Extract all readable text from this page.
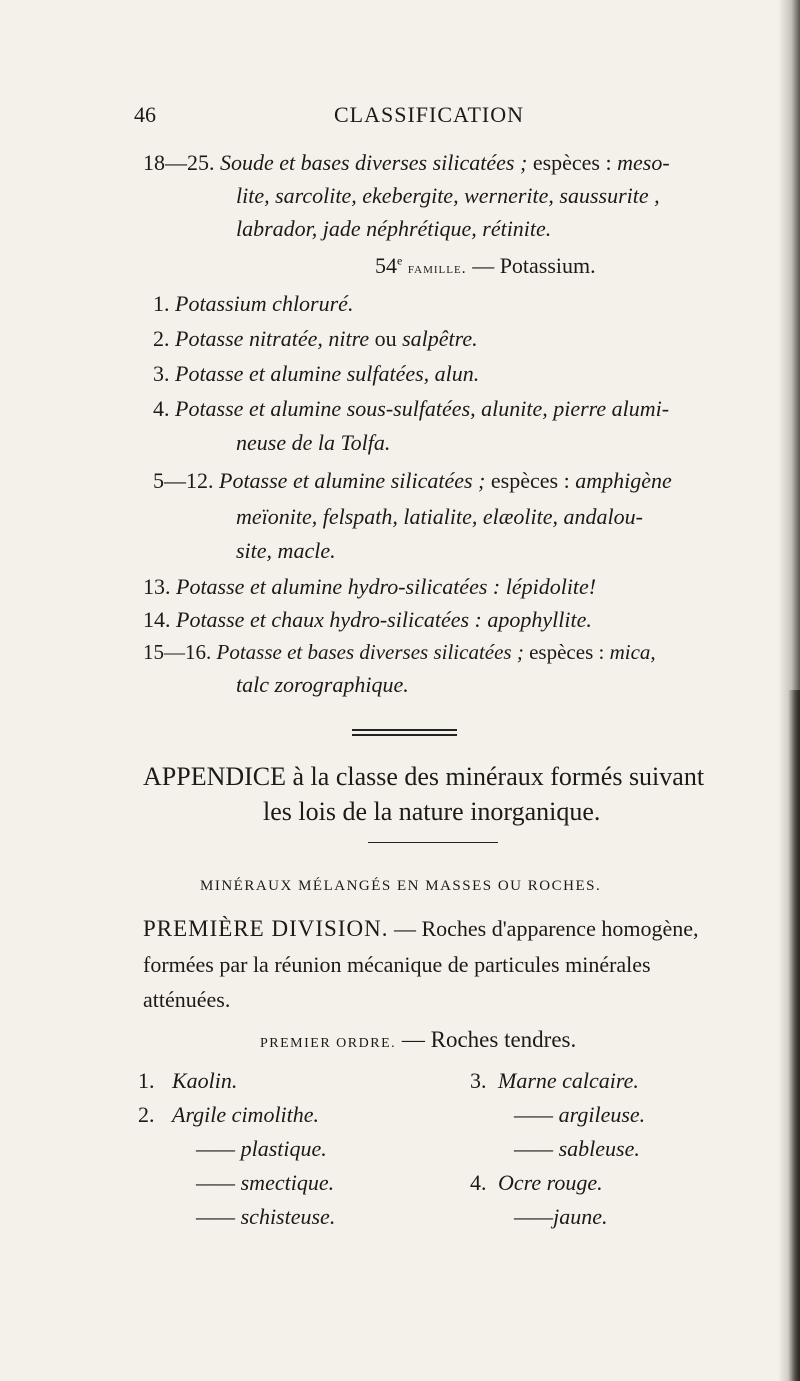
46	CLASSIFICATION
18—25. Soude et bases diverses silicatées ; espèces : meso-
lite, sarcolite, ekebergite, wernerite, saussurite ,
labrador, jade néphrétique, rétinite.
54e famille. — Potassium.
1. Potassium chloruré.
2. Potasse nitratée, nitre ou salpêtre.
3. Potasse et alumine sulfatées, alun.
4. Potasse et alumine sous-sulfatées, alunite, pierre alumi-
neuse de la Tolfa.
5—12. Potasse et alumine silicatées ; espèces : amphigène
meïonite, felspath, latialite, elæolite, andalou-
site, macle.
13. Potasse et alumine hydro-silicatées : lépidolite!
14. Potasse et chaux hydro-silicatées : apophyllite.
15—16. Potasse et bases diverses silicatées ; espèces : mica,
talc zorographique.
APPENDICE à la classe des minéraux formés suivant
les lois de la nature inorganique.
MINÉRAUX MÉLANGÉS EN MASSES OU ROCHES.
PREMIÈRE DIVISION. — Roches d'apparence homogène,
formées par la réunion mécanique de particules minérales
atténuées.
PREMIER ORDRE. — Roches tendres.
1. Kaolin.
2. Argile cimolithe.
—— plastique.
—— smectique.
—— schisteuse.
3. Marne calcaire.
—— argileuse.
—— sableuse.
4. Ocre rouge.
——jaune.
